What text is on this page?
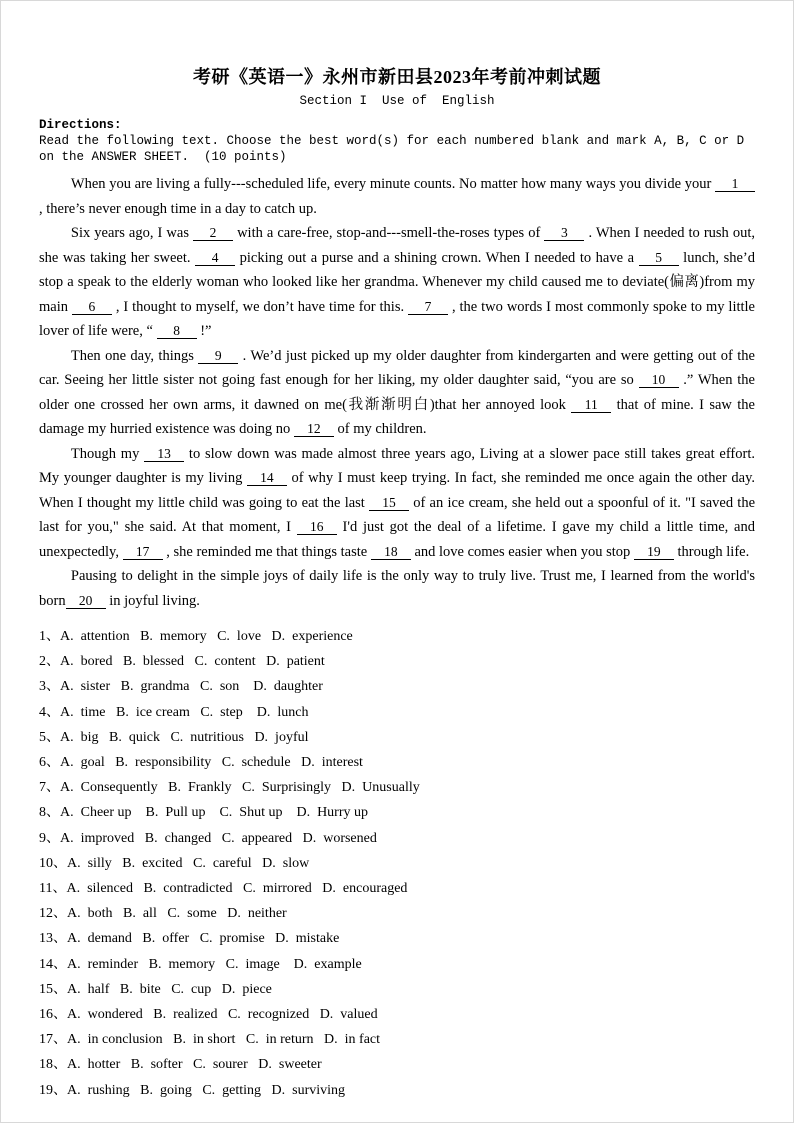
考研《英语一》永州市新田县2023年考前冲刺试题
Section I  Use of  English
Directions:
Read the following text. Choose the best word(s) for each numbered blank and mark A, B, C or D on the ANSWER SHEET.  (10 points)

When you are living a fully---scheduled life, every minute counts. No matter how many ways you divide your 1 , there’s never enough time in a day to catch up.

Six years ago, I was 2 with a care-free, stop-and---smell-the-roses types of 3 . When I needed to rush out, she was taking her sweet. 4 picking out a purse and a shining crown. When I needed to have a 5 lunch, she’d stop a speak to the elderly woman who looked like her grandma. Whenever my child caused me to deviate(偏离)from my main 6 , I thought to myself, we don’t have time for this. 7 , the two words I most commonly spoke to my little lover of life were, “ 8 !”

Then one day, things 9 . We’d just picked up my older daughter from kindergarten and were getting out of the car. Seeing her little sister not going fast enough for her liking, my older daughter said, “you are so 10 .” When the older one crossed her own arms, it dawned on me(我渐渐明白)that her annoyed look 11 that of mine. I saw the damage my hurried existence was doing no 12 of my children.

Though my 13 to slow down was made almost three years ago, Living at a slower pace still takes great effort. My younger daughter is my living 14 of why I must keep trying. In fact, she reminded me once again the other day. When I thought my little child was going to eat the last 15 of an ice cream, she held out a spoonful of it. "I saved the last for you," she said. At that moment, I 16 I'd just got the deal of a lifetime. I gave my child a little time, and unexpectedly, 17 , she reminded me that things taste 18 and love comes easier when you stop 19 through life.

Pausing to delight in the simple joys of daily life is the only way to truly live. Trust me, I learned from the world's born 20 in joyful living.

1、A.  attention   B.  memory   C.  love   D.  experience
2、A.  bored   B.  blessed   C.  content   D.  patient
3、A.  sister   B.  grandma   C.  son    D.  daughter
4、A.  time   B.  ice cream   C.  step    D.  lunch
5、A.  big   B.  quick   C.  nutritious   D.  joyful
6、A.  goal   B.  responsibility   C.  schedule   D.  interest
7、A.  Consequently   B.  Frankly   C.  Surprisingly   D.  Unusually
8、A.  Cheer up    B.  Pull up    C.  Shut up    D.  Hurry up
9、A.  improved   B.  changed   C.  appeared   D.  worsened
10、A.  silly   B.  excited   C.  careful   D.  slow
11、A.  silenced   B.  contradicted   C.  mirrored   D.  encouraged
12、A.  both   B.  all   C.  some   D.  neither
13、A.  demand   B.  offer   C.  promise   D.  mistake
14、A.  reminder   B.  memory   C.  image    D.  example
15、A.  half   B.  bite   C.  cup   D.  piece
16、A.  wondered   B.  realized   C.  recognized   D.  valued
17、A.  in conclusion   B.  in short   C.  in return   D.  in fact
18、A.  hotter   B.  softer   C.  sourer   D.  sweeter
19、A.  rushing   B.  going   C.  getting   D.  surviving
